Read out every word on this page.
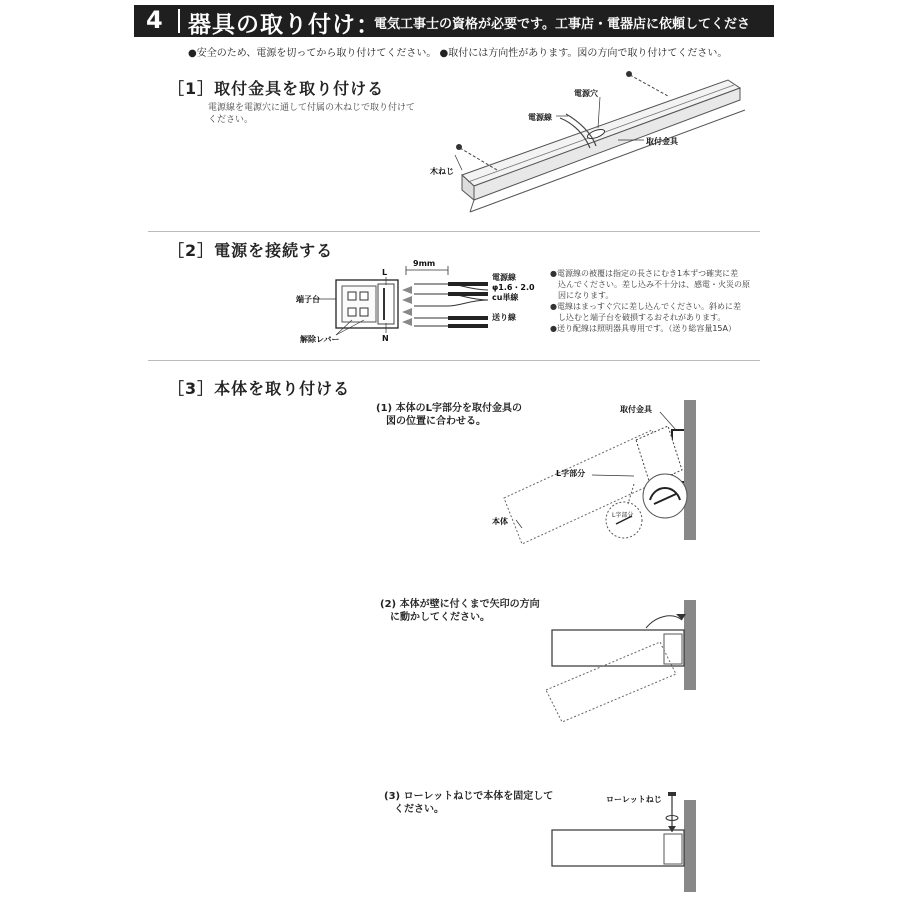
4 器具の取り付け ：
電気工事士の資格が必要です。工事店・電器店に依頼してください。
●安全のため、電源を切ってから取り付けてください。 ●取付には方向性があります。図の方向で取り付けてください。
［1］取付金具を取り付ける
電源線を電源穴に通して付属の木ねじで取り付けて
ください。
電源穴
電源線
取付金具
木ねじ
［2］電源を接続する
9mm
L
N
端子台
解除レバー
電源線
φ1.6・2.0
cu単線
送り線
●電源線の被覆は指定の長さにむき1本ずつ確実に差
　込んでください。差し込み不十分は、感電・火災の原
　因になります。
●電線はまっすぐ穴に差し込んでください。斜めに差
　し込むと端子台を破損するおそれがあります。
●送り配線は照明器具専用です。（送り総容量15A）
［3］本体を取り付ける
(1) 本体のL字部分を取付金具の
　図の位置に合わせる。
取付金具
L字部分
本体
L字部分
(2) 本体が壁に付くまで矢印の方向
　に動かしてください。
(3) ローレットねじで本体を固定して
　ください。
ローレットねじ
